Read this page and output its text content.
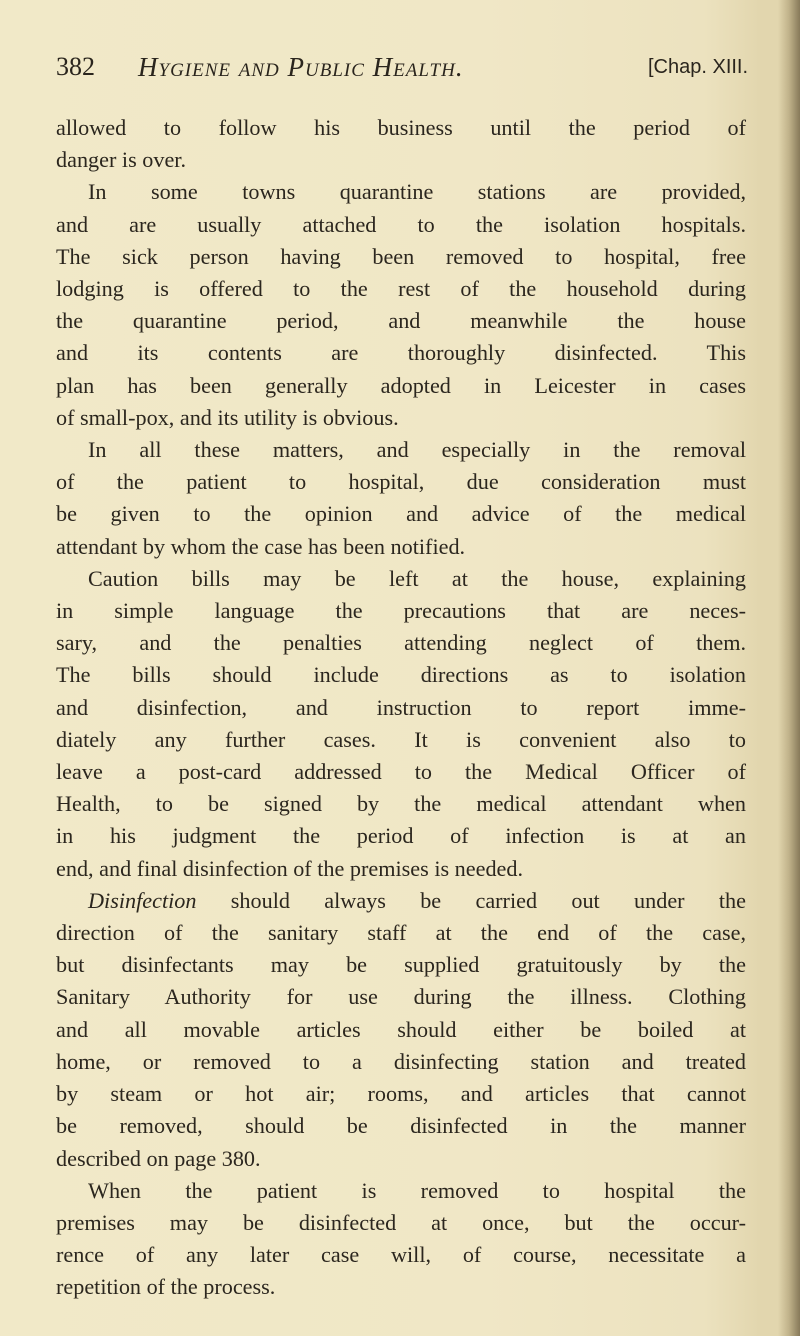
382 Hygiene and Public Health.	[Chap. XIII.
allowed to follow his business until the period of
danger is over.
In some towns quarantine stations are provided,
and are usually attached to the isolation hospitals.
The sick person having been removed to hospital, free
lodging is offered to the rest of the household during
the quarantine period, and meanwhile the house
and its contents are thoroughly disinfected. This
plan has been generally adopted in Leicester in cases
of small-pox, and its utility is obvious.
In all these matters, and especially in the removal
of the patient to hospital, due consideration must
be given to the opinion and advice of the medical
attendant by whom the case has been notified.
Caution bills may be left at the house, explaining
in simple language the precautions that are neces-
sary, and the penalties attending neglect of them.
The bills should include directions as to isolation
and disinfection, and instruction to report imme-
diately any further cases. It is convenient also to
leave a post-card addressed to the Medical Officer of
Health, to be signed by the medical attendant when
in his judgment the period of infection is at an
end, and final disinfection of the premises is needed.
Disinfection should always be carried out under the
direction of the sanitary staff at the end of the case,
but disinfectants may be supplied gratuitously by the
Sanitary Authority for use during the illness. Clothing
and all movable articles should either be boiled at
home, or removed to a disinfecting station and treated
by steam or hot air; rooms, and articles that cannot
be removed, should be disinfected in the manner
described on page 380.
When the patient is removed to hospital the
premises may be disinfected at once, but the occur-
rence of any later case will, of course, necessitate a
repetition of the process.
